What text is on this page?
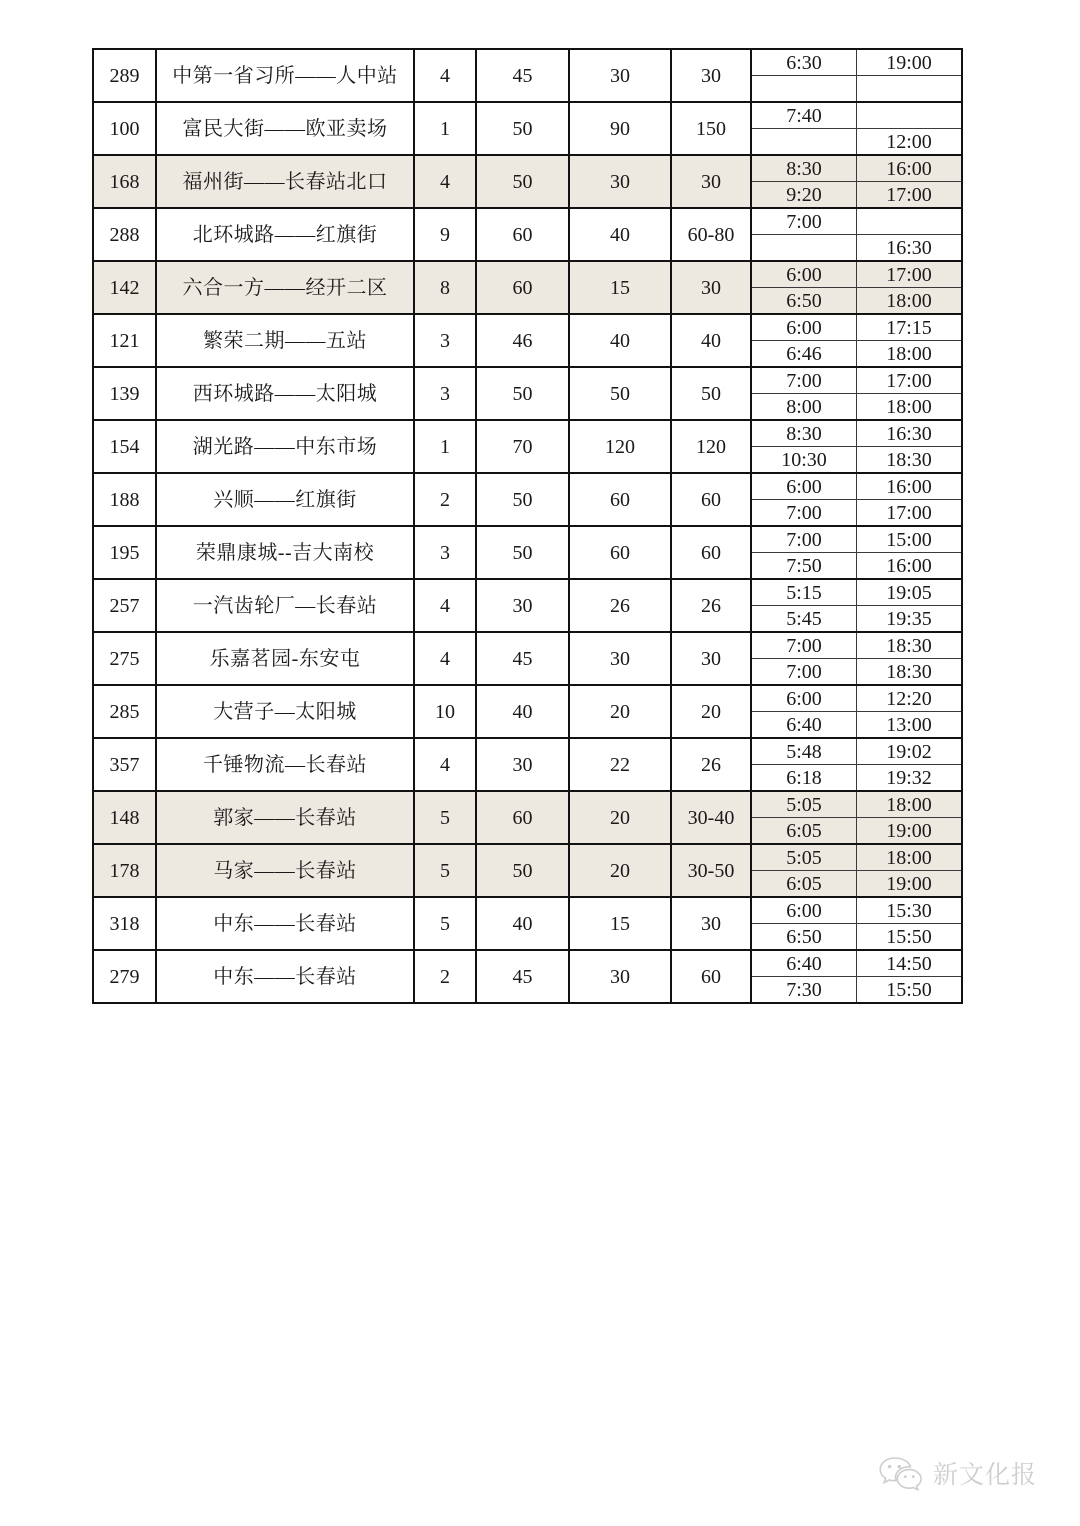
289	中第一省习所——人中站	4	45	30	30	
6:30	19:00

100	富民大街——欧亚卖场	1	50	90	150	
7:40	
	12:00

168	福州街——长春站北口	4	50	30	30	
8:30	16:00
9:20	17:00

288	北环城路——红旗街	9	60	40	60-80	
7:00	
	16:30

142	六合一方——经开二区	8	60	15	30	
6:00	17:00
6:50	18:00

121	繁荣二期——五站	3	46	40	40	
6:00	17:15
6:46	18:00

139	西环城路——太阳城	3	50	50	50	
7:00	17:00
8:00	18:00

154	湖光路——中东市场	1	70	120	120	
8:30	16:30
10:30	18:30

188	兴顺——红旗街	2	50	60	60	
6:00	16:00
7:00	17:00

195	荣鼎康城--吉大南校	3	50	60	60	
7:00	15:00
7:50	16:00

257	一汽齿轮厂—长春站	4	30	26	26	
5:15	19:05
5:45	19:35

275	乐嘉茗园-东安屯	4	45	30	30	
7:00	18:30
7:00	18:30

285	大营子—太阳城	10	40	20	20	
6:00	12:20
6:40	13:00

357	千锤物流—长春站	4	30	22	26	
5:48	19:02
6:18	19:32

148	郭家——长春站	5	60	20	30-40	
5:05	18:00
6:05	19:00

178	马家——长春站	5	50	20	30-50	
5:05	18:00
6:05	19:00

318	中东——长春站	5	40	15	30	
6:00	15:30
6:50	15:50

279	中东——长春站	2	45	30	60	
6:40	14:50
7:30	15:50
新文化报
